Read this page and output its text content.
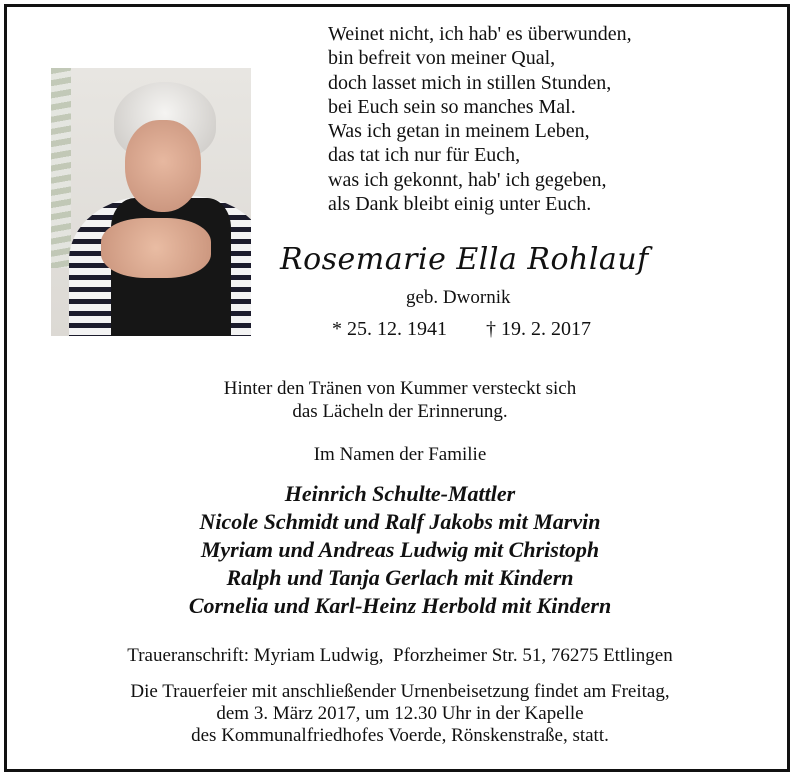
Weinet nicht, ich hab' es überwunden,
bin befreit von meiner Qual,
doch lasset mich in stillen Stunden,
bei Euch sein so manches Mal.
Was ich getan in meinem Leben,
das tat ich nur für Euch,
was ich gekonnt, hab' ich gegeben,
als Dank bleibt einig unter Euch.
Rosemarie Ella Rohlauf
geb. Dwornik
* 25. 12. 1941 † 19. 2. 2017
Hinter den Tränen von Kummer versteckt sich
das Lächeln der Erinnerung.
Im Namen der Familie
Heinrich Schulte-Mattler
Nicole Schmidt und Ralf Jakobs mit Marvin
Myriam und Andreas Ludwig mit Christoph
Ralph und Tanja Gerlach mit Kindern
Cornelia und Karl-Heinz Herbold mit Kindern
Traueranschrift: Myriam Ludwig,  Pforzheimer Str. 51, 76275 Ettlingen
Die Trauerfeier mit anschließender Urnenbeisetzung findet am Freitag,
dem 3. März 2017, um 12.30 Uhr in der Kapelle
des Kommunalfriedhofes Voerde, Rönskenstraße, statt.
